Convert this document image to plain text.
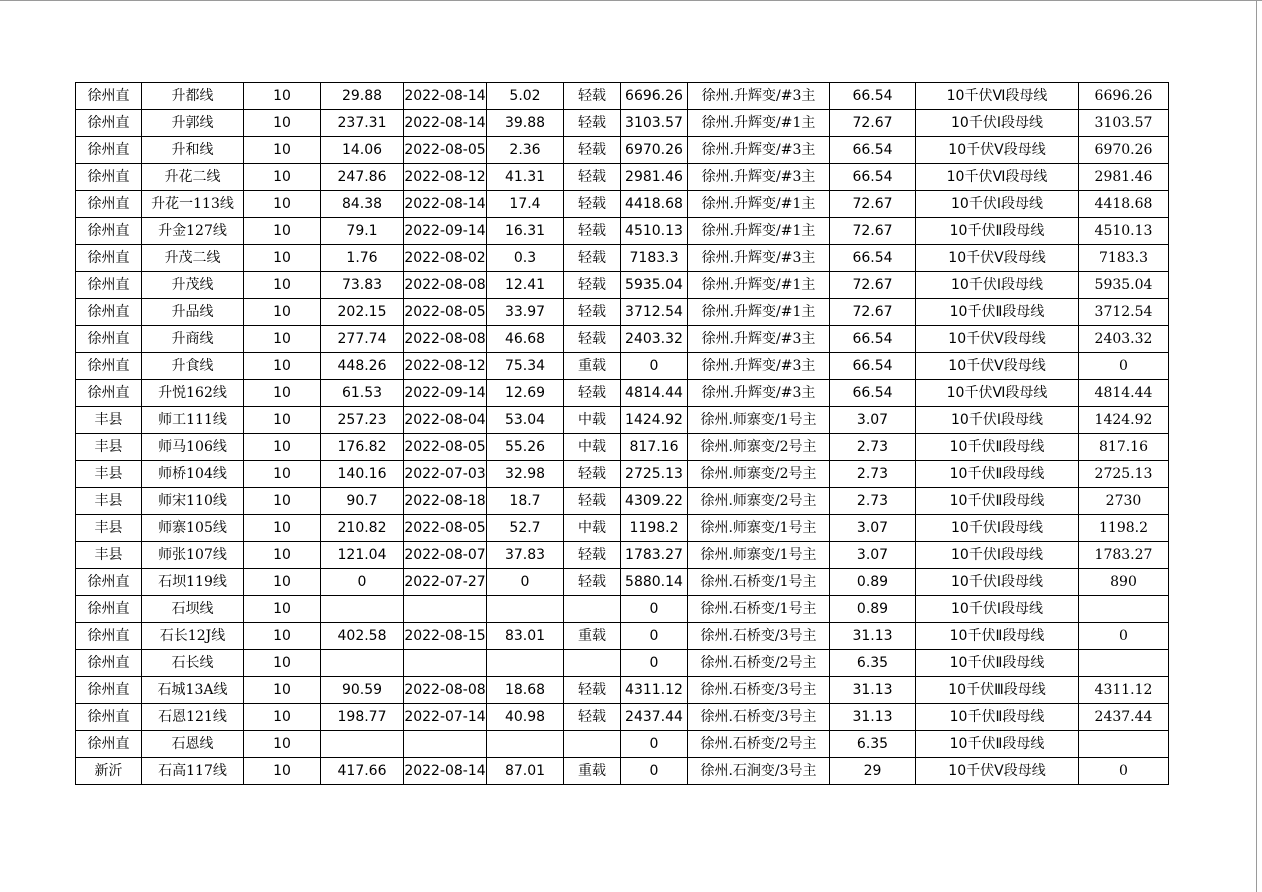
徐州直	升都线	10	29.88	2022-08-14	5.02	轻载	6696.26	徐州.升辉变/#3主	66.54	10千伏Ⅵ段母线	6696.26
徐州直	升郭线	10	237.31	2022-08-14	39.88	轻载	3103.57	徐州.升辉变/#1主	72.67	10千伏Ⅰ段母线	3103.57
徐州直	升和线	10	14.06	2022-08-05	2.36	轻载	6970.26	徐州.升辉变/#3主	66.54	10千伏Ⅴ段母线	6970.26
徐州直	升花二线	10	247.86	2022-08-12	41.31	轻载	2981.46	徐州.升辉变/#3主	66.54	10千伏Ⅵ段母线	2981.46
徐州直	升花一113线	10	84.38	2022-08-14	17.4	轻载	4418.68	徐州.升辉变/#1主	72.67	10千伏Ⅰ段母线	4418.68
徐州直	升金127线	10	79.1	2022-09-14	16.31	轻载	4510.13	徐州.升辉变/#1主	72.67	10千伏Ⅱ段母线	4510.13
徐州直	升茂二线	10	1.76	2022-08-02	0.3	轻载	7183.3	徐州.升辉变/#3主	66.54	10千伏Ⅴ段母线	7183.3
徐州直	升茂线	10	73.83	2022-08-08	12.41	轻载	5935.04	徐州.升辉变/#1主	72.67	10千伏Ⅰ段母线	5935.04
徐州直	升品线	10	202.15	2022-08-05	33.97	轻载	3712.54	徐州.升辉变/#1主	72.67	10千伏Ⅱ段母线	3712.54
徐州直	升商线	10	277.74	2022-08-08	46.68	轻载	2403.32	徐州.升辉变/#3主	66.54	10千伏Ⅴ段母线	2403.32
徐州直	升食线	10	448.26	2022-08-12	75.34	重载	0	徐州.升辉变/#3主	66.54	10千伏Ⅴ段母线	0
徐州直	升悦162线	10	61.53	2022-09-14	12.69	轻载	4814.44	徐州.升辉变/#3主	66.54	10千伏Ⅵ段母线	4814.44
丰县	师工111线	10	257.23	2022-08-04	53.04	中载	1424.92	徐州.师寨变/1号主	3.07	10千伏Ⅰ段母线	1424.92
丰县	师马106线	10	176.82	2022-08-05	55.26	中载	817.16	徐州.师寨变/2号主	2.73	10千伏Ⅱ段母线	817.16
丰县	师桥104线	10	140.16	2022-07-03	32.98	轻载	2725.13	徐州.师寨变/2号主	2.73	10千伏Ⅱ段母线	2725.13
丰县	师宋110线	10	90.7	2022-08-18	18.7	轻载	4309.22	徐州.师寨变/2号主	2.73	10千伏Ⅱ段母线	2730
丰县	师寨105线	10	210.82	2022-08-05	52.7	中载	1198.2	徐州.师寨变/1号主	3.07	10千伏Ⅰ段母线	1198.2
丰县	师张107线	10	121.04	2022-08-07	37.83	轻载	1783.27	徐州.师寨变/1号主	3.07	10千伏Ⅰ段母线	1783.27
徐州直	石坝119线	10	0	2022-07-27	0	轻载	5880.14	徐州.石桥变/1号主	0.89	10千伏Ⅰ段母线	890
徐州直	石坝线	10					0	徐州.石桥变/1号主	0.89	10千伏Ⅰ段母线	
徐州直	石长12J线	10	402.58	2022-08-15	83.01	重载	0	徐州.石桥变/3号主	31.13	10千伏Ⅱ段母线	0
徐州直	石长线	10					0	徐州.石桥变/2号主	6.35	10千伏Ⅱ段母线	
徐州直	石城13A线	10	90.59	2022-08-08	18.68	轻载	4311.12	徐州.石桥变/3号主	31.13	10千伏Ⅲ段母线	4311.12
徐州直	石恩121线	10	198.77	2022-07-14	40.98	轻载	2437.44	徐州.石桥变/3号主	31.13	10千伏Ⅱ段母线	2437.44
徐州直	石恩线	10					0	徐州.石桥变/2号主	6.35	10千伏Ⅱ段母线	
新沂	石高117线	10	417.66	2022-08-14	87.01	重载	0	徐州.石涧变/3号主	29	10千伏Ⅴ段母线	0
